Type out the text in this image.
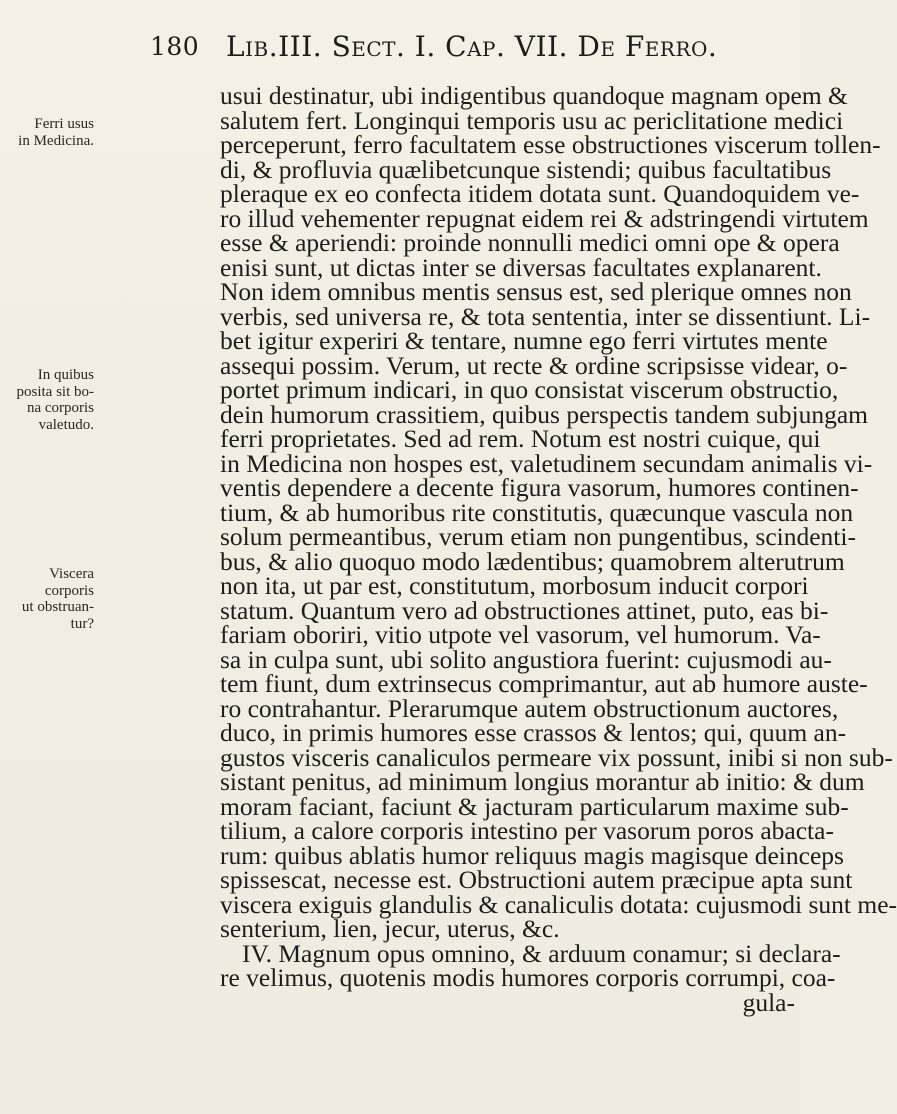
180 Lib.III. Sect. I. Cap. VII. De Ferro.
Ferri usus
in Medicina.
In quibus
posita sit bo-
na corporis
valetudo.
Viscera
corporis
ut obstruan-
tur?
usui destinatur, ubi indigentibus quandoque magnam opem &
salutem fert. Longinqui temporis usu ac periclitatione medici
perceperunt, ferro facultatem esse obstructiones viscerum tollen-
di, & profluvia quælibetcunque sistendi; quibus facultatibus
pleraque ex eo confecta itidem dotata sunt. Quandoquidem ve-
ro illud vehementer repugnat eidem rei & adstringendi virtutem
esse & aperiendi: proinde nonnulli medici omni ope & opera
enisi sunt, ut dictas inter se diversas facultates explanarent.
Non idem omnibus mentis sensus est, sed plerique omnes non
verbis, sed universa re, & tota sententia, inter se dissentiunt. Li-
bet igitur experiri & tentare, numne ego ferri virtutes mente
assequi possim. Verum, ut recte & ordine scripsisse videar, o-
portet primum indicari, in quo consistat viscerum obstructio,
dein humorum crassitiem, quibus perspectis tandem subjungam
ferri proprietates. Sed ad rem. Notum est nostri cuique, qui
in Medicina non hospes est, valetudinem secundam animalis vi-
ventis dependere a decente figura vasorum, humores continen-
tium, & ab humoribus rite constitutis, quæcunque vascula non
solum permeantibus, verum etiam non pungentibus, scindenti-
bus, & alio quoquo modo lædentibus; quamobrem alterutrum
non ita, ut par est, constitutum, morbosum inducit corpori
statum. Quantum vero ad obstructiones attinet, puto, eas bi-
fariam oboriri, vitio utpote vel vasorum, vel humorum. Va-
sa in culpa sunt, ubi solito angustiora fuerint: cujusmodi au-
tem fiunt, dum extrinsecus comprimantur, aut ab humore auste-
ro contrahantur. Plerarumque autem obstructionum auctores,
duco, in primis humores esse crassos & lentos; qui, quum an-
gustos visceris canaliculos permeare vix possunt, inibi si non sub-
sistant penitus, ad minimum longius morantur ab initio: & dum
moram faciant, faciunt & jacturam particularum maxime sub-
tilium, a calore corporis intestino per vasorum poros abacta-
rum: quibus ablatis humor reliquus magis magisque deinceps
spissescat, necesse est. Obstructioni autem præcipue apta sunt
viscera exiguis glandulis & canaliculis dotata: cujusmodi sunt me-
senterium, lien, jecur, uterus, &c.
IV. Magnum opus omnino, & arduum conamur; si declara-
re velimus, quotenis modis humores corporis corrumpi, coa-
gula-
